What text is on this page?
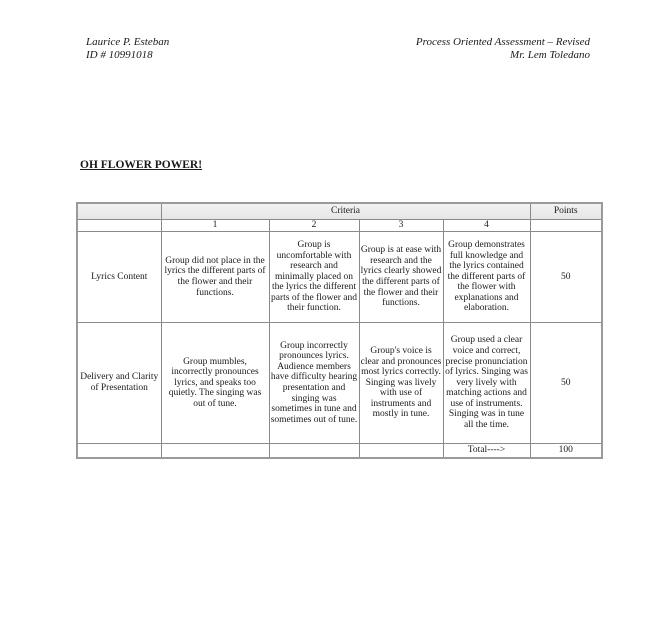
Laurice P. Esteban
ID # 10991018
Process Oriented Assessment – Revised
Mr. Lem Toledano
OH FLOWER POWER!
	Criteria				Points
	1	2	3	4	
Lyrics Content	Group did not place in the lyrics the different parts of the flower and their functions.	Group is uncomfortable with research and minimally placed on the lyrics the different parts of the flower and their function.	Group is at ease with research and the lyrics clearly showed the different parts of the flower and their functions.	Group demonstrates full knowledge and the lyrics contained the different parts of the flower with explanations and elaboration.	50
Delivery and Clarity of Presentation	Group mumbles, incorrectly pronounces lyrics, and speaks too quietly. The singing was out of tune.	Group incorrectly pronounces lyrics. Audience members have difficulty hearing presentation and singing was sometimes in tune and sometimes out of tune.	Group's voice is clear and pronounces most lyrics correctly. Singing was lively with use of instruments and mostly in tune.	Group used a clear voice and correct, precise pronunciation of lyrics. Singing was very lively with matching actions and use of instruments. Singing was in tune all the time.	50
				Total---->	100
